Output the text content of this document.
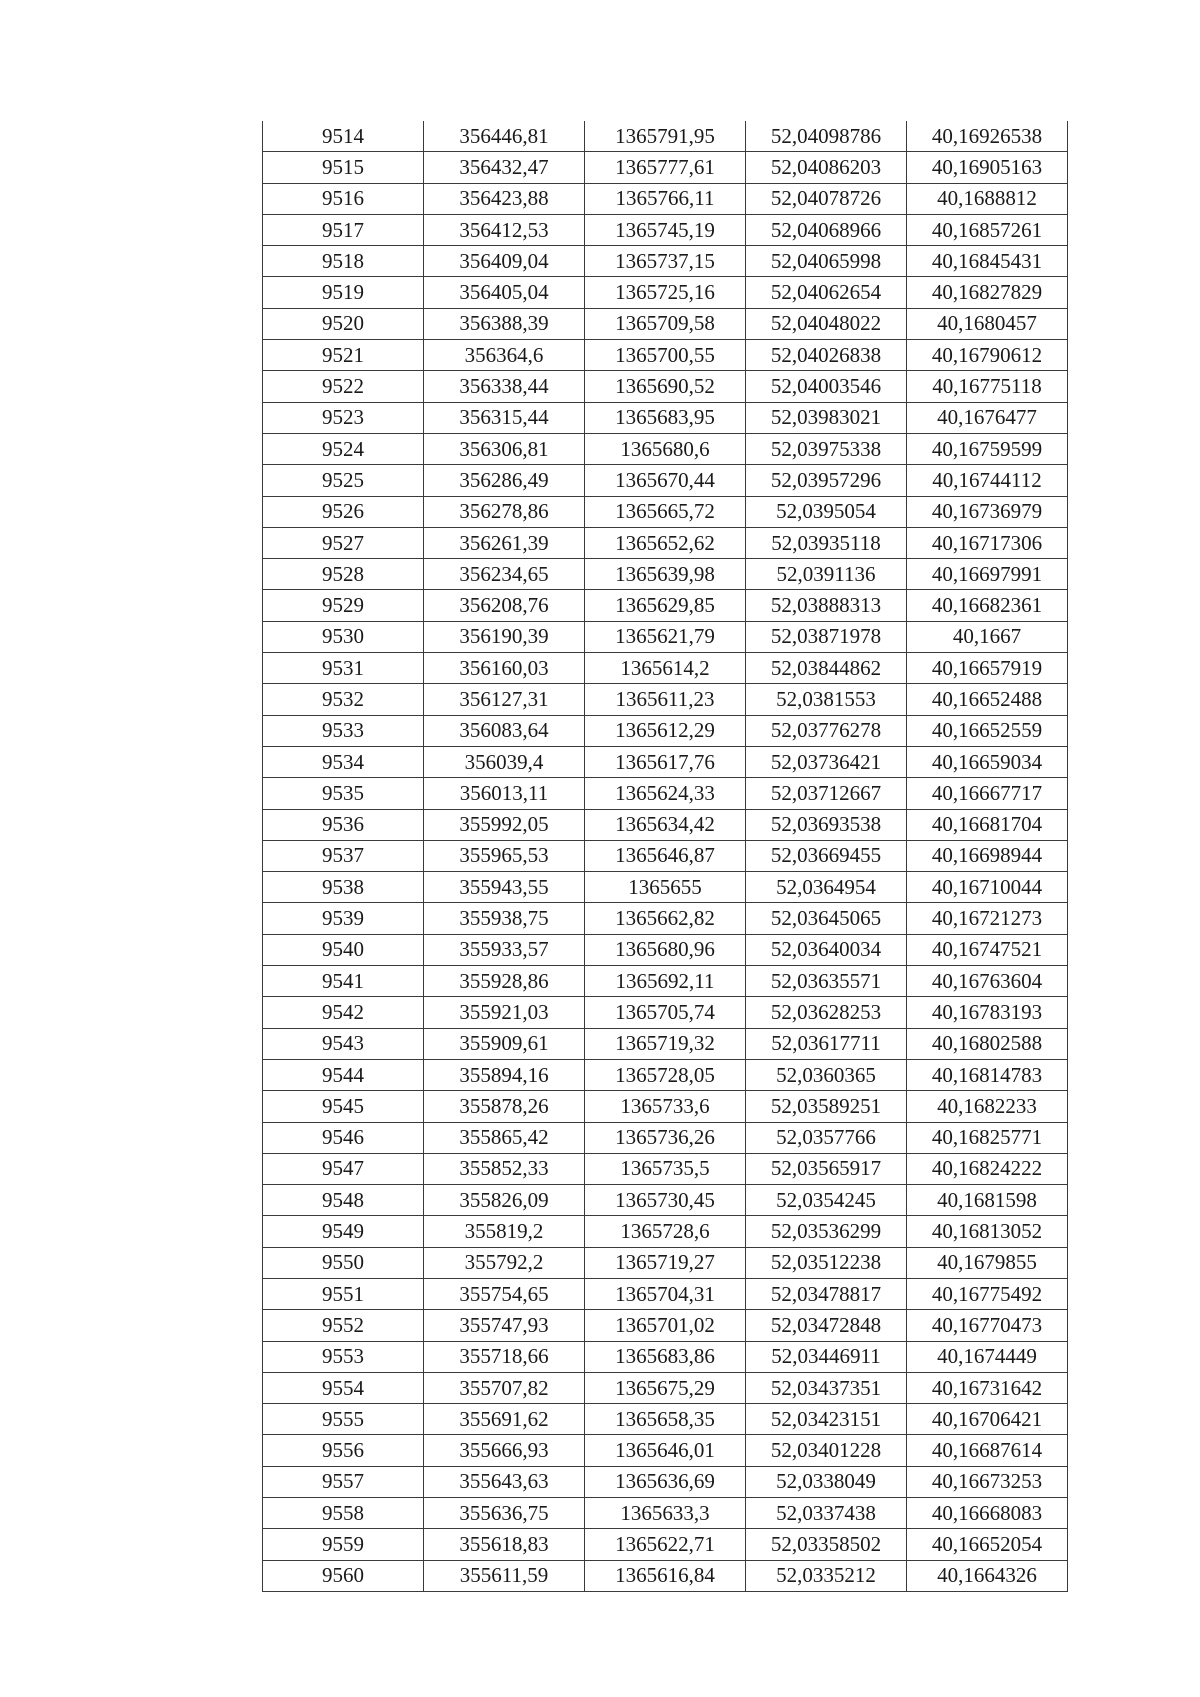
9514	356446,81	1365791,95	52,04098786	40,16926538
9515	356432,47	1365777,61	52,04086203	40,16905163
9516	356423,88	1365766,11	52,04078726	40,1688812
9517	356412,53	1365745,19	52,04068966	40,16857261
9518	356409,04	1365737,15	52,04065998	40,16845431
9519	356405,04	1365725,16	52,04062654	40,16827829
9520	356388,39	1365709,58	52,04048022	40,1680457
9521	356364,6	1365700,55	52,04026838	40,16790612
9522	356338,44	1365690,52	52,04003546	40,16775118
9523	356315,44	1365683,95	52,03983021	40,1676477
9524	356306,81	1365680,6	52,03975338	40,16759599
9525	356286,49	1365670,44	52,03957296	40,16744112
9526	356278,86	1365665,72	52,0395054	40,16736979
9527	356261,39	1365652,62	52,03935118	40,16717306
9528	356234,65	1365639,98	52,0391136	40,16697991
9529	356208,76	1365629,85	52,03888313	40,16682361
9530	356190,39	1365621,79	52,03871978	40,1667
9531	356160,03	1365614,2	52,03844862	40,16657919
9532	356127,31	1365611,23	52,0381553	40,16652488
9533	356083,64	1365612,29	52,03776278	40,16652559
9534	356039,4	1365617,76	52,03736421	40,16659034
9535	356013,11	1365624,33	52,03712667	40,16667717
9536	355992,05	1365634,42	52,03693538	40,16681704
9537	355965,53	1365646,87	52,03669455	40,16698944
9538	355943,55	1365655	52,0364954	40,16710044
9539	355938,75	1365662,82	52,03645065	40,16721273
9540	355933,57	1365680,96	52,03640034	40,16747521
9541	355928,86	1365692,11	52,03635571	40,16763604
9542	355921,03	1365705,74	52,03628253	40,16783193
9543	355909,61	1365719,32	52,03617711	40,16802588
9544	355894,16	1365728,05	52,0360365	40,16814783
9545	355878,26	1365733,6	52,03589251	40,1682233
9546	355865,42	1365736,26	52,0357766	40,16825771
9547	355852,33	1365735,5	52,03565917	40,16824222
9548	355826,09	1365730,45	52,0354245	40,1681598
9549	355819,2	1365728,6	52,03536299	40,16813052
9550	355792,2	1365719,27	52,03512238	40,1679855
9551	355754,65	1365704,31	52,03478817	40,16775492
9552	355747,93	1365701,02	52,03472848	40,16770473
9553	355718,66	1365683,86	52,03446911	40,1674449
9554	355707,82	1365675,29	52,03437351	40,16731642
9555	355691,62	1365658,35	52,03423151	40,16706421
9556	355666,93	1365646,01	52,03401228	40,16687614
9557	355643,63	1365636,69	52,0338049	40,16673253
9558	355636,75	1365633,3	52,0337438	40,16668083
9559	355618,83	1365622,71	52,03358502	40,16652054
9560	355611,59	1365616,84	52,0335212	40,1664326
